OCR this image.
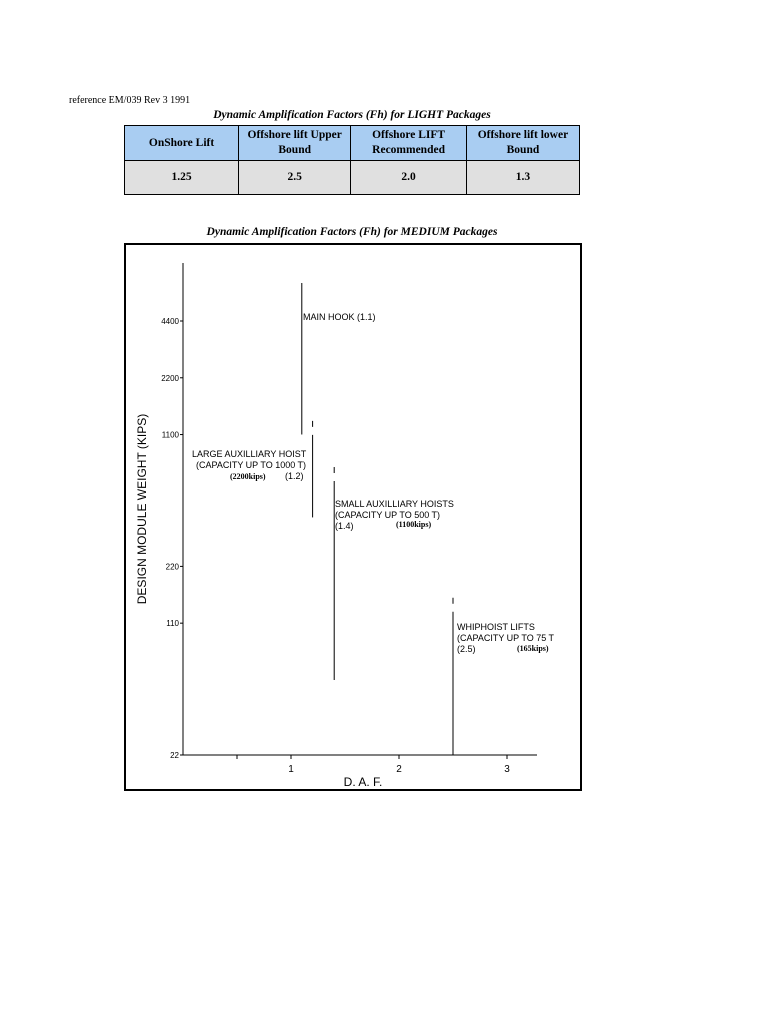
reference EM/039 Rev 3 1991
Dynamic Amplification Factors (Fh) for LIGHT Packages
OnShore Lift	Offshore lift Upper Bound	Offshore LIFT Recommended	Offshore lift lower Bound
1.25	2.5	2.0	1.3
Dynamic Amplification Factors (Fh) for MEDIUM Packages
22
110
220
1100
2200
4400
1	2	3
D. A. F.
DESIGN MODULE WEIGHT (KIPS)
MAIN HOOK (1.1)
LARGE AUXILLIARY HOIST
(CAPACITY UP TO 1000 T)
(2200kips) (1.2)
SMALL AUXILLIARY HOISTS
(CAPACITY UP TO 500 T)
(1.4)	(1100kips)
WHIPHOIST LIFTS
(CAPACITY UP TO 75 T
(2.5)	(165kips)
